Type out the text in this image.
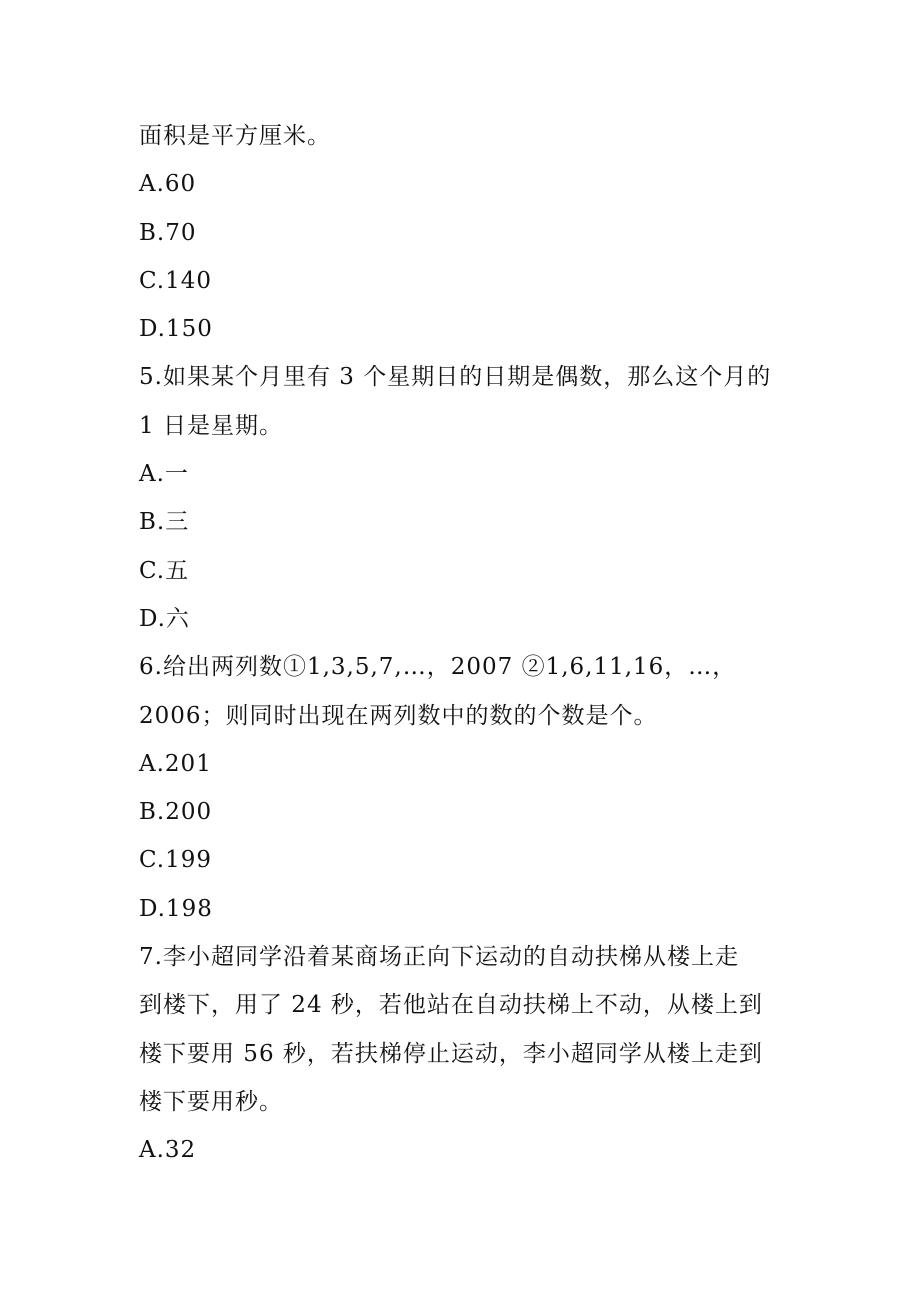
面积是平方厘米。
A.60
B.70
C.140
D.150
5.如果某个月里有 3 个星期日的日期是偶数，那么这个月的
1 日是星期。
A.一
B.三
C.五
D.六
6.给出两列数①1,3,5,7,…，2007 ②1,6,11,16，…，
2006；则同时出现在两列数中的数的个数是个。
A.201
B.200
C.199
D.198
7.李小超同学沿着某商场正向下运动的自动扶梯从楼上走
到楼下，用了 24 秒，若他站在自动扶梯上不动，从楼上到
楼下要用 56 秒，若扶梯停止运动，李小超同学从楼上走到
楼下要用秒。
A.32
